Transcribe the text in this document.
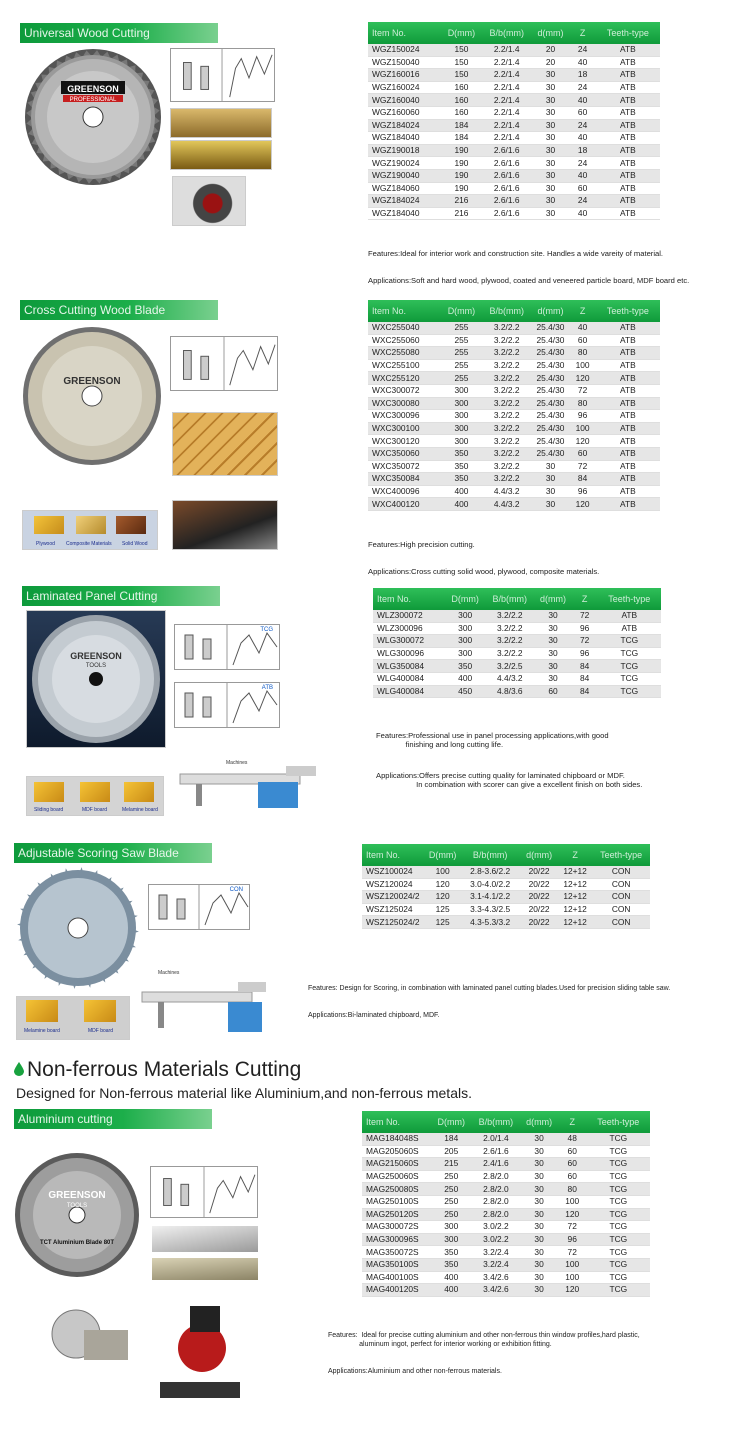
Universal Wood Cutting
GREENSON
PROFESSIONAL
Item No.	D(mm)	B/b(mm)	d(mm)	Z	Teeth-type
WGZ150024	150	2.2/1.4	20	24	ATB
WGZ150040	150	2.2/1.4	20	40	ATB
WGZ160016	150	2.2/1.4	30	18	ATB
WGZ160024	160	2.2/1.4	30	24	ATB
WGZ160040	160	2.2/1.4	30	40	ATB
WGZ160060	160	2.2/1.4	30	60	ATB
WGZ184024	184	2.2/1.4	30	24	ATB
WGZ184040	184	2.2/1.4	30	40	ATB
WGZ190018	190	2.6/1.6	30	18	ATB
WGZ190024	190	2.6/1.6	30	24	ATB
WGZ190040	190	2.6/1.6	30	40	ATB
WGZ184060	190	2.6/1.6	30	60	ATB
WGZ184024	216	2.6/1.6	30	24	ATB
WGZ184040	216	2.6/1.6	30	40	ATB

Features:Ideal for interior work and construction site. Handles a wide vareity of material.

Applications:Soft and hard wood, plywood, coated and veneered particle board, MDF board etc.

Cross Cutting Wood Blade
GREENSON
Plywood Composite Materials Solid Wood
Item No.	D(mm)	B/b(mm)	d(mm)	Z	Teeth-type
WXC255040	255	3.2/2.2	25.4/30	40	ATB
WXC255060	255	3.2/2.2	25.4/30	60	ATB
WXC255080	255	3.2/2.2	25.4/30	80	ATB
WXC255100	255	3.2/2.2	25.4/30	100	ATB
WXC255120	255	3.2/2.2	25.4/30	120	ATB
WXC300072	300	3.2/2.2	25.4/30	72	ATB
WXC300080	300	3.2/2.2	25.4/30	80	ATB
WXC300096	300	3.2/2.2	25.4/30	96	ATB
WXC300100	300	3.2/2.2	25.4/30	100	ATB
WXC300120	300	3.2/2.2	25.4/30	120	ATB
WXC350060	350	3.2/2.2	25.4/30	60	ATB
WXC350072	350	3.2/2.2	30	72	ATB
WXC350084	350	3.2/2.2	30	84	ATB
WXC400096	400	4.4/3.2	30	96	ATB
WXC400120	400	4.4/3.2	30	120	ATB

Features:High precision cutting.

Applications:Cross cutting solid wood, plywood, composite materials.

Laminated Panel Cutting
GREENSON
TOOLS
TCG
ATB
Machines
Sliding board	MDF board	Melamine board
Item No.	D(mm)	B/b(mm)	d(mm)	Z	Teeth-type
WLZ300072	300	3.2/2.2	30	72	ATB
WLZ300096	300	3.2/2.2	30	96	ATB
WLG300072	300	3.2/2.2	30	72	TCG
WLG300096	300	3.2/2.2	30	96	TCG
WLG350084	350	3.2/2.5	30	84	TCG
WLG400084	400	4.4/3.2	30	84	TCG
WLG400084	450	4.8/3.6	60	84	TCG

Features:Professional use in panel processing applications,with good
finishing and long cutting life.

Applications:Offers precise cutting quality for laminated chipboard or MDF.
In combination with scorer can give a excellent finish on both sides.

Adjustable Scoring Saw Blade
CON
Machines
Melamine board	MDF board
Item No.	D(mm)	B/b(mm)	d(mm)	Z	Teeth-type
WSZ100024	100	2.8-3.6/2.2	20/22	12+12	CON
WSZ120024	120	3.0-4.0/2.2	20/22	12+12	CON
WSZ120024/2	120	3.1-4.1/2.2	20/22	12+12	CON
WSZ125024	125	3.3-4.3/2.5	20/22	12+12	CON
WSZ125024/2	125	4.3-5.3/3.2	20/22	12+12	CON

Features: Design for Scoring, in combination with laminated panel cutting blades.Used for precision sliding table saw.

Applications:Bi-laminated chipboard, MDF.

Non-ferrous Materials Cutting
Designed for Non-ferrous material like Aluminium,and non-ferrous metals.
Aluminium cutting
GREENSON
TOOLS
TCT Aluminium Blade 80T
Item No.	D(mm)	B/b(mm)	d(mm)	Z	Teeth-type
MAG184048S	184	2.0/1.4	30	48	TCG
MAG205060S	205	2.6/1.6	30	60	TCG
MAG215060S	215	2.4/1.6	30	60	TCG
MAG250060S	250	2.8/2.0	30	60	TCG
MAG250080S	250	2.8/2.0	30	80	TCG
MAG250100S	250	2.8/2.0	30	100	TCG
MAG250120S	250	2.8/2.0	30	120	TCG
MAG300072S	300	3.0/2.2	30	72	TCG
MAG300096S	300	3.0/2.2	30	96	TCG
MAG350072S	350	3.2/2.4	30	72	TCG
MAG350100S	350	3.2/2.4	30	100	TCG
MAG400100S	400	3.4/2.6	30	100	TCG
MAG400120S	400	3.4/2.6	30	120	TCG

Features:  Ideal for precise cutting aluminium and other non-ferrous thin window profiles,hard plastic,
aluminum ingot, perfect for interior working or exhibition fitting.

Applications:Aluminium and other non-ferrous materials.
